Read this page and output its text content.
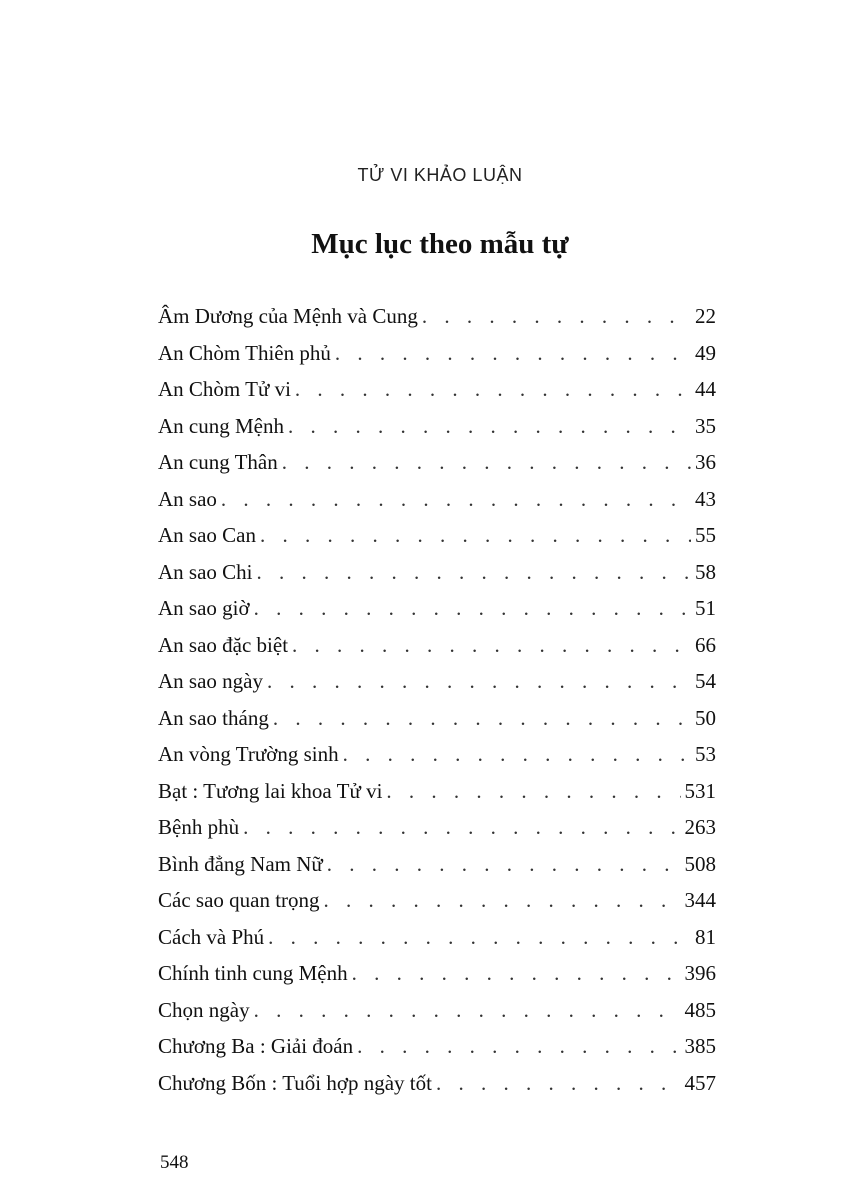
TỬ VI KHẢO LUẬN
Mục lục theo mẫu tự
Âm Dương của Mệnh và Cung . . .	22
An Chòm Thiên phủ . . .	49
An Chòm Tử vi . . .	44
An cung Mệnh . . .	35
An cung Thân . . .	36
An sao . . .	43
An sao Can . . .	55
An sao Chi . . .	58
An sao giờ . . .	51
An sao đặc biệt . . .	66
An sao ngày . . .	54
An sao tháng . . .	50
An vòng Trường sinh . . .	53
Bạt : Tương lai khoa Tử vi . . .	531
Bệnh phù . . .	263
Bình đẳng Nam Nữ . . .	508
Các sao quan trọng . . .	344
Cách và Phú . . .	81
Chính tinh cung Mệnh . . .	396
Chọn ngày . . .	485
Chương Ba : Giải đoán . . .	385
Chương Bốn : Tuổi hợp ngày tốt . . .	457
548
